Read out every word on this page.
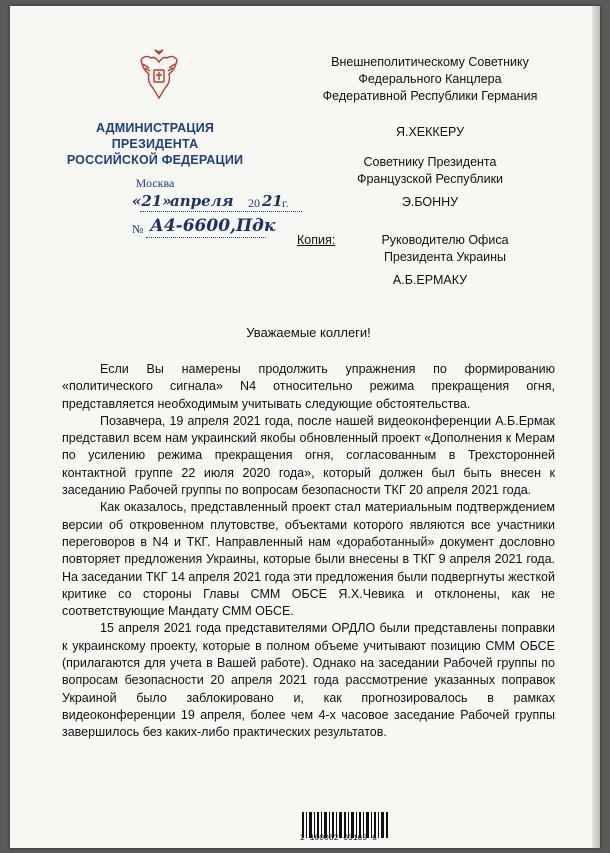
АДМИНИСТРАЦИЯ
ПРЕЗИДЕНТА
РОССИЙСКОЙ ФЕДЕРАЦИИ
Москва
«21»
апреля 20 21 г.
№ А4-6600,Пдк
Внешнеполитическому Советнику
Федерального Канцлера
Федеративной Республики Германия
Я.ХЕККЕРУ
Советнику Президента
Французской Республики
Э.БОННУ
Копия:	Руководителю Офиса
Президента Украины
А.Б.ЕРМАКУ
Уважаемые коллеги!

Если Вы намерены продолжить упражнения по формированию «политического сигнала» N4 относительно режима прекращения огня, представляется необходимым учитывать следующие обстоятельства.

Позавчера, 19 апреля 2021 года, после нашей видеоконференции А.Б.Ермак представил всем нам украинский якобы обновленный проект «Дополнения к Мерам по усилению режима прекращения огня, согласованным в Трехсторонней контактной группе 22 июля 2020 года», который должен был быть внесен к заседанию Рабочей группы по вопросам безопасности ТКГ 20 апреля 2021 года.

Как оказалось, представленный проект стал материальным подтверждением версии об откровенном плутовстве, объектами которого являются все участники переговоров в N4 и ТКГ. Направленный нам «доработанный» документ дословно повторяет предложения Украины, которые были внесены в ТКГ 9 апреля 2021 года. На заседании ТКГ 14 апреля 2021 года эти предложения были подвергнуты жесткой критике со стороны Главы СММ ОБСЕ Я.Х.Чевика и отклонены, как не соответствующие Мандату СММ ОБСЕ.

15 апреля 2021 года представителями ОРДЛО были представлены поправки к украинскому проекту, которые в полном объеме учитывают позицию СММ ОБСЕ (прилагаются для учета в Вашей работе). Однако на заседании Рабочей группы по вопросам безопасности 20 апреля 2021 года рассмотрение указанных поправок Украиной было заблокировано и, как прогнозировалось в рамках видеоконференции 19 апреля, более чем 4-х часовое заседание Рабочей группы завершилось без каких-либо практических результатов.

2 100062 03169 6
